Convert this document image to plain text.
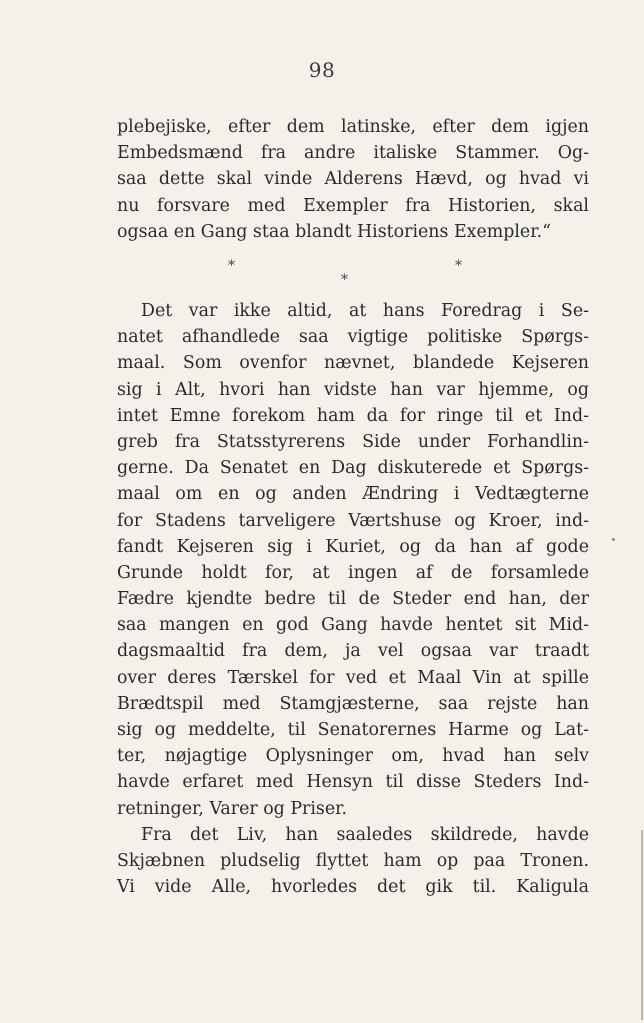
98
plebejiske, efter dem latinske, efter dem igjen
Embedsmænd fra andre italiske Stammer. Og-
saa dette skal vinde Alderens Hævd, og hvad vi
nu forsvare med Exempler fra Historien, skal
ogsaa en Gang staa blandt Historiens Exempler.“
*	*
*
Det var ikke altid, at hans Foredrag i Se-
natet afhandlede saa vigtige politiske Spørgs-
maal. Som ovenfor nævnet, blandede Kejseren
sig i Alt, hvori han vidste han var hjemme, og
intet Emne forekom ham da for ringe til et Ind-
greb fra Statsstyrerens Side under Forhandlin-
gerne. Da Senatet en Dag diskuterede et Spørgs-
maal om en og anden Ændring i Vedtægterne
for Stadens tarveligere Værtshuse og Kroer, ind-
fandt Kejseren sig i Kuriet, og da han af gode
Grunde holdt for, at ingen af de forsamlede
Fædre kjendte bedre til de Steder end han, der
saa mangen en god Gang havde hentet sit Mid-
dagsmaaltid fra dem, ja vel ogsaa var traadt
over deres Tærskel for ved et Maal Vin at spille
Brædtspil med Stamgjæsterne, saa rejste han
sig og meddelte, til Senatorernes Harme og Lat-
ter, nøjagtige Oplysninger om, hvad han selv
havde erfaret med Hensyn til disse Steders Ind-
retninger, Varer og Priser.
Fra det Liv, han saaledes skildrede, havde
Skjæbnen pludselig flyttet ham op paa Tronen.
Vi vide Alle, hvorledes det gik til. Kaligula
